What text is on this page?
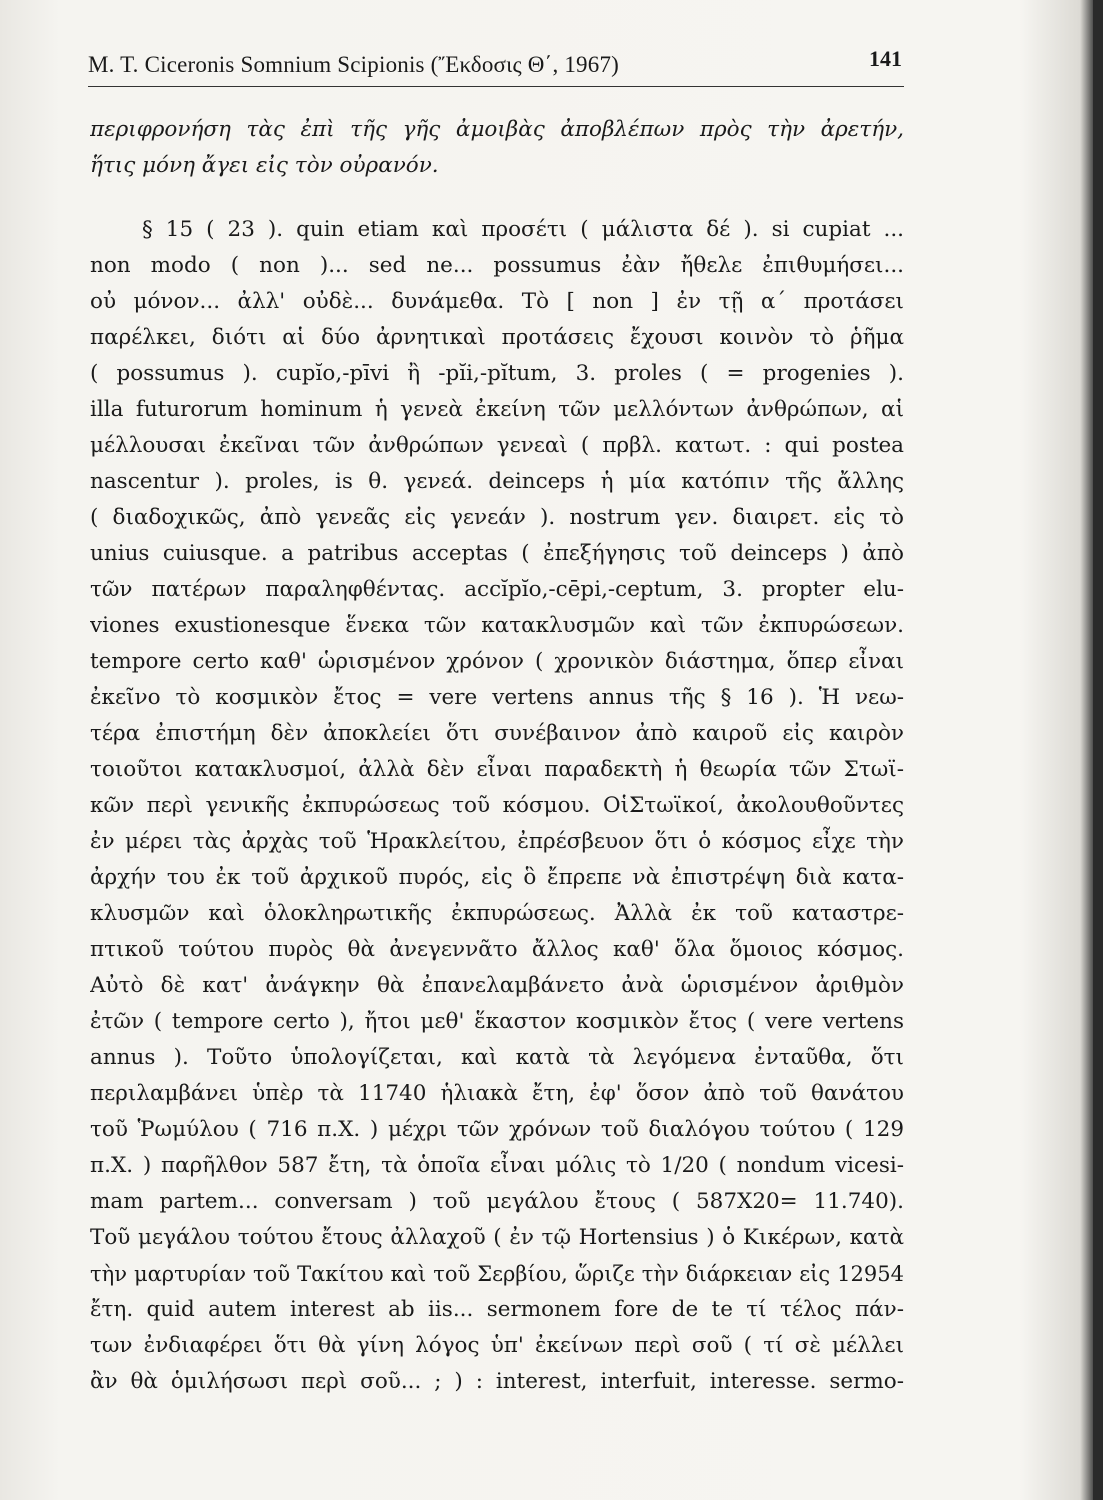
M. T. Ciceronis Somnium Scipionis (Ἔκδοσις Θ΄, 1967)	141
περιφρονήση τὰς ἐπὶ τῆς γῆς ἀμοιβὰς ἀποβλέπων πρὸς τὴν ἀρετήν,
ἥτις μόνη ἄγει εἰς τὸν οὐρανόν.
§ 15 ( 23 ). quin etiam καὶ προσέτι ( μάλιστα δέ ). si cupiat ...
non modo ( non )... sed ne... possumus ἐὰν ἤθελε ἐπιθυμήσει...
οὐ μόνον... ἀλλ' οὐδὲ... δυνάμεθα. Τὸ [ non ] ἐν τῇ α΄ προτάσει
παρέλκει, διότι αἱ δύο ἀρνητικαὶ προτάσεις ἔχουσι κοινὸν τὸ ῥῆμα
( possumus ). cupĭo,-pīvi ἢ -pĭi,-pĭtum, 3. proles ( = progenies ).
illa futurorum hominum ἡ γενεὰ ἐκείνη τῶν μελλόντων ἀνθρώπων, αἱ
μέλλουσαι ἐκεῖναι τῶν ἀνθρώπων γενεαὶ ( πρβλ. κατωτ. : qui postea
nascentur ). proles, is θ. γενεά. deinceps ἡ μία κατόπιν τῆς ἄλλης
( διαδοχικῶς, ἀπὸ γενεᾶς εἰς γενεάν ). nostrum γεν. διαιρετ. εἰς τὸ
unius cuiusque. a patribus acceptas ( ἐπεξήγησις τοῦ deinceps ) ἀπὸ
τῶν πατέρων παραληφθέντας. accĭpĭo,-cēpi,-ceptum, 3. propter elu-
viones exustionesque ἕνεκα τῶν κατακλυσμῶν καὶ τῶν ἐκπυρώσεων.
tempore certo καθ' ὡρισμένον χρόνον ( χρονικὸν διάστημα, ὅπερ εἶναι
ἐκεῖνο τὸ κοσμικὸν ἔτος = vere vertens annus τῆς § 16 ). Ἡ νεω-
τέρα ἐπιστήμη δὲν ἀποκλείει ὅτι συνέβαινον ἀπὸ καιροῦ εἰς καιρὸν
τοιοῦτοι κατακλυσμοί, ἀλλὰ δὲν εἶναι παραδεκτὴ ἡ θεωρία τῶν Στωϊ-
κῶν περὶ γενικῆς ἐκπυρώσεως τοῦ κόσμου. ΟἱΣτωϊκοί, ἀκολουθοῦντες
ἐν μέρει τὰς ἀρχὰς τοῦ Ἡρακλείτου, ἐπρέσβευον ὅτι ὁ κόσμος εἶχε τὴν
ἀρχήν του ἐκ τοῦ ἀρχικοῦ πυρός, εἰς ὃ ἔπρεπε νὰ ἐπιστρέψη διὰ κατα-
κλυσμῶν καὶ ὁλοκληρωτικῆς ἐκπυρώσεως. Ἀλλὰ ἐκ τοῦ καταστρε-
πτικοῦ τούτου πυρὸς θὰ ἀνεγεννᾶτο ἄλλος καθ' ὅλα ὅμοιος κόσμος.
Αὐτὸ δὲ κατ' ἀνάγκην θὰ ἐπανελαμβάνετο ἀνὰ ὡρισμένον ἀριθμὸν
ἐτῶν ( tempore certo ), ἤτοι μεθ' ἕκαστον κοσμικὸν ἔτος ( vere vertens
annus ). Τοῦτο ὑπολογίζεται, καὶ κατὰ τὰ λεγόμενα ἐνταῦθα, ὅτι
περιλαμβάνει ὑπὲρ τὰ 11740 ἡλιακὰ ἔτη, ἐφ' ὅσον ἀπὸ τοῦ θανάτου
τοῦ Ῥωμύλου ( 716 π.Χ. ) μέχρι τῶν χρόνων τοῦ διαλόγου τούτου ( 129
π.Χ. ) παρῆλθον 587 ἔτη, τὰ ὁποῖα εἶναι μόλις τὸ 1/20 ( nondum vicesi-
mam partem... conversam ) τοῦ μεγάλου ἔτους ( 587Χ20= 11.740).
Τοῦ μεγάλου τούτου ἔτους ἀλλαχοῦ ( ἐν τῷ Hortensius ) ὁ Κικέρων, κατὰ
τὴν μαρτυρίαν τοῦ Τακίτου καὶ τοῦ Σερβίου, ὥριζε τὴν διάρκειαν εἰς 12954
ἔτη. quid autem interest ab iis... sermonem fore de te τί τέλος πάν-
των ἐνδιαφέρει ὅτι θὰ γίνη λόγος ὑπ' ἐκείνων περὶ σοῦ ( τί σὲ μέλλει
ἂν θὰ ὁμιλήσωσι περὶ σοῦ... ; ) : interest, interfuit, interesse. sermo-
